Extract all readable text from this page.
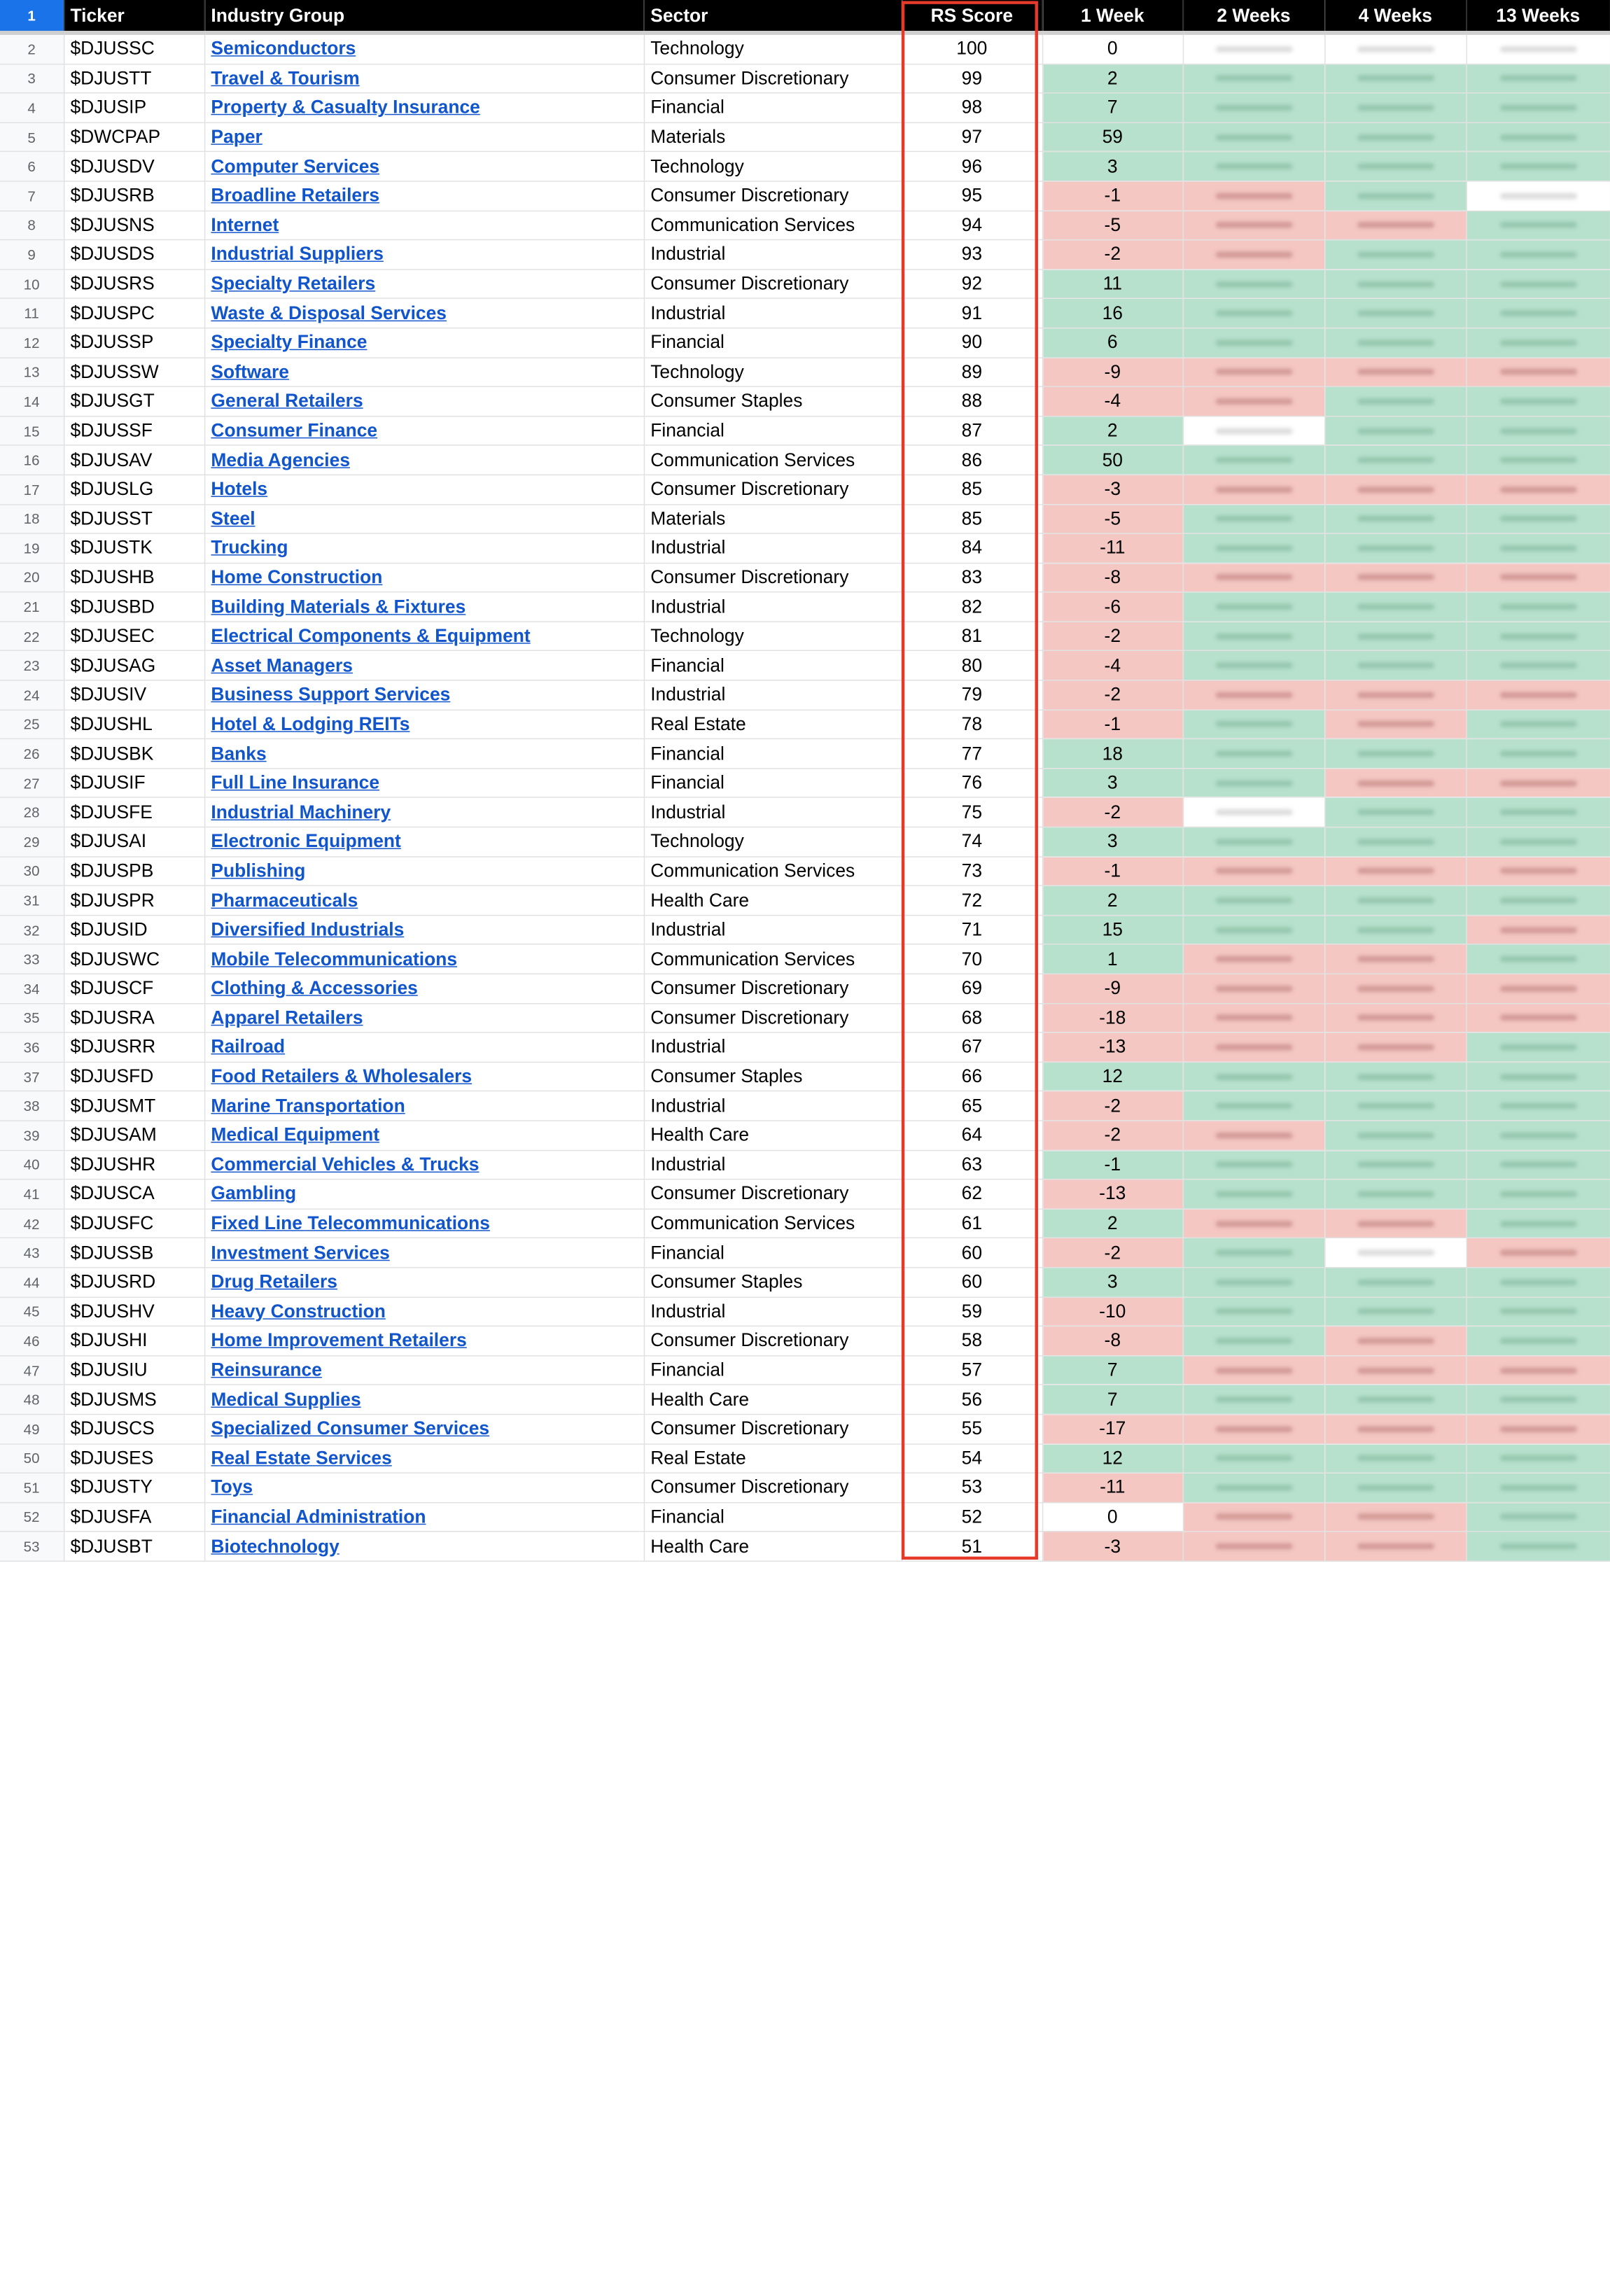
1	Ticker	Industry Group	Sector	RS Score	1 Week	2 Weeks	4 Weeks	13 Weeks
2	$DJUSSC	Semiconductors	Technology	100	0	

3	$DJUSTT	Travel & Tourism	Consumer Discretionary	99	2	

4	$DJUSIP	Property & Casualty Insurance	Financial	98	7	

5	$DWCPAP	Paper	Materials	97	59	

6	$DJUSDV	Computer Services	Technology	96	3	

7	$DJUSRB	Broadline Retailers	Consumer Discretionary	95	-1	

8	$DJUSNS	Internet	Communication Services	94	-5	

9	$DJUSDS	Industrial Suppliers	Industrial	93	-2	

10	$DJUSRS	Specialty Retailers	Consumer Discretionary	92	11	

11	$DJUSPC	Waste & Disposal Services	Industrial	91	16	

12	$DJUSSP	Specialty Finance	Financial	90	6	

13	$DJUSSW	Software	Technology	89	-9	

14	$DJUSGT	General Retailers	Consumer Staples	88	-4	

15	$DJUSSF	Consumer Finance	Financial	87	2	

16	$DJUSAV	Media Agencies	Communication Services	86	50	

17	$DJUSLG	Hotels	Consumer Discretionary	85	-3	

18	$DJUSST	Steel	Materials	85	-5	

19	$DJUSTK	Trucking	Industrial	84	-11	

20	$DJUSHB	Home Construction	Consumer Discretionary	83	-8	

21	$DJUSBD	Building Materials & Fixtures	Industrial	82	-6	

22	$DJUSEC	Electrical Components & Equipment	Technology	81	-2	

23	$DJUSAG	Asset Managers	Financial	80	-4	

24	$DJUSIV	Business Support Services	Industrial	79	-2	

25	$DJUSHL	Hotel & Lodging REITs	Real Estate	78	-1	

26	$DJUSBK	Banks	Financial	77	18	

27	$DJUSIF	Full Line Insurance	Financial	76	3	

28	$DJUSFE	Industrial Machinery	Industrial	75	-2	

29	$DJUSAI	Electronic Equipment	Technology	74	3	

30	$DJUSPB	Publishing	Communication Services	73	-1	

31	$DJUSPR	Pharmaceuticals	Health Care	72	2	

32	$DJUSID	Diversified Industrials	Industrial	71	15	

33	$DJUSWC	Mobile Telecommunications	Communication Services	70	1	

34	$DJUSCF	Clothing & Accessories	Consumer Discretionary	69	-9	

35	$DJUSRA	Apparel Retailers	Consumer Discretionary	68	-18	

36	$DJUSRR	Railroad	Industrial	67	-13	

37	$DJUSFD	Food Retailers & Wholesalers	Consumer Staples	66	12	

38	$DJUSMT	Marine Transportation	Industrial	65	-2	

39	$DJUSAM	Medical Equipment	Health Care	64	-2	

40	$DJUSHR	Commercial Vehicles & Trucks	Industrial	63	-1	

41	$DJUSCA	Gambling	Consumer Discretionary	62	-13	

42	$DJUSFC	Fixed Line Telecommunications	Communication Services	61	2	

43	$DJUSSB	Investment Services	Financial	60	-2	

44	$DJUSRD	Drug Retailers	Consumer Staples	60	3	

45	$DJUSHV	Heavy Construction	Industrial	59	-10	

46	$DJUSHI	Home Improvement Retailers	Consumer Discretionary	58	-8	

47	$DJUSIU	Reinsurance	Financial	57	7	

48	$DJUSMS	Medical Supplies	Health Care	56	7	

49	$DJUSCS	Specialized Consumer Services	Consumer Discretionary	55	-17	

50	$DJUSES	Real Estate Services	Real Estate	54	12	

51	$DJUSTY	Toys	Consumer Discretionary	53	-11	

52	$DJUSFA	Financial Administration	Financial	52	0	

53	$DJUSBT	Biotechnology	Health Care	51	-3	
